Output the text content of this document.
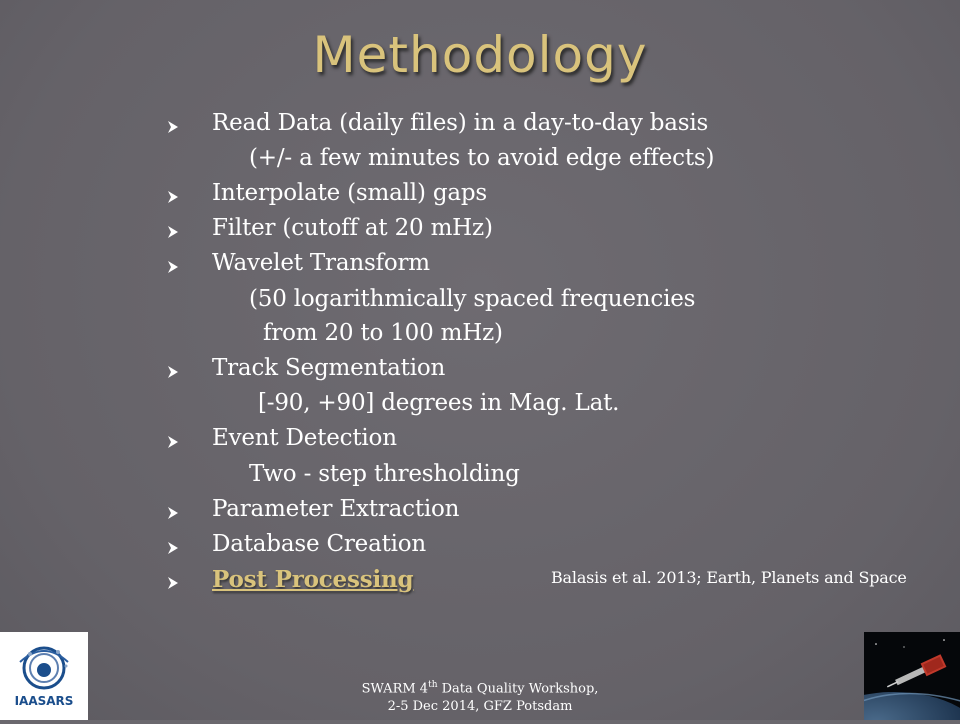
Methodology
Read Data (daily files) in a day-to-day basis
(+/- a few minutes to avoid edge effects)
Interpolate (small) gaps
Filter (cutoff at 20 mHz)
Wavelet Transform
(50 logarithmically spaced frequencies
from 20 to 100 mHz)
Track Segmentation
[-90, +90] degrees in Mag. Lat.
Event Detection
Two - step thresholding
Parameter Extraction
Database Creation
Post Processing	Balasis et al. 2013; Earth, Planets and Space
IAASARS
SWARM 4th Data Quality Workshop,
2-5 Dec 2014, GFZ Potsdam
